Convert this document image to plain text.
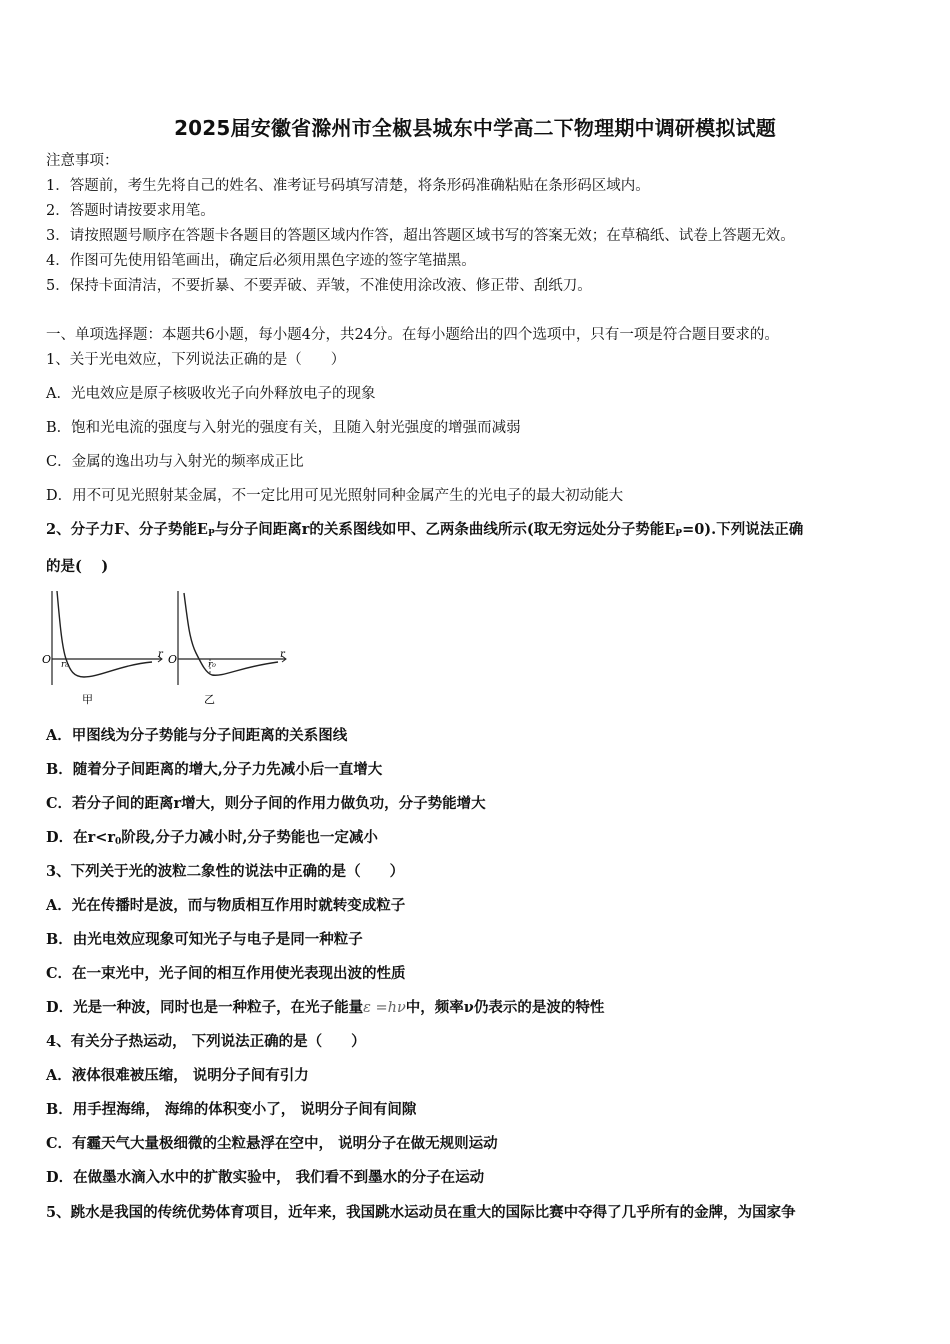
2025届安徽省滁州市全椒县城东中学高二下物理期中调研模拟试题
注意事项：
1．答题前，考生先将自己的姓名、准考证号码填写清楚，将条形码准确粘贴在条形码区域内。
2．答题时请按要求用笔。
3．请按照题号顺序在答题卡各题目的答题区域内作答，超出答题区域书写的答案无效；在草稿纸、试卷上答题无效。
4．作图可先使用铅笔画出，确定后必须用黑色字迹的签字笔描黑。
5．保持卡面清洁，不要折暴、不要弄破、弄皱，不准使用涂改液、修正带、刮纸刀。
一、单项选择题：本题共6小题，每小题4分，共24分。在每小题给出的四个选项中，只有一项是符合题目要求的。
1、关于光电效应，下列说法正确的是（　　）
A．光电效应是原子核吸收光子向外释放电子的现象
B．饱和光电流的强度与入射光的强度有关，且随入射光强度的增强而减弱
C．金属的逸出功与入射光的频率成正比
D．用不可见光照射某金属，不一定比用可见光照射同种金属产生的光电子的最大初动能大
2、分子力F、分子势能$E_P$与分子间距离r的关系图线如甲、乙两条曲线所示(取无穷远处分子势能$E_P=0$).下列说法正确
的是(　 )
O r₀
r
甲
O	r₀
r
乙
A．甲图线为分子势能与分子间距离的关系图线
B．随着分子间距离的增大,分子力先减小后一直增大
C．若分子间的距离r增大，则分子间的作用力做负功，分子势能增大
D．在$r<r_0$阶段,分子力减小时,分子势能也一定减小
3、下列关于光的波粒二象性的说法中正确的是（　　）
A．光在传播时是波，而与物质相互作用时就转变成粒子
B．由光电效应现象可知光子与电子是同一种粒子
C．在一束光中，光子间的相互作用使光表现出波的性质
D．光是一种波，同时也是一种粒子，在光子能量ε =hν中，频率ν仍表示的是波的特性
4、有关分子热运动， 下列说法正确的是（　　）
A．液体很难被压缩， 说明分子间有引力
B．用手捏海绵， 海绵的体积变小了， 说明分子间有间隙
C．有霾天气大量极细微的尘粒悬浮在空中， 说明分子在做无规则运动
D．在做墨水滴入水中的扩散实验中， 我们看不到墨水的分子在运动
5、跳水是我国的传统优势体育项目，近年来，我国跳水运动员在重大的国际比赛中夺得了几乎所有的金牌，为国家争
